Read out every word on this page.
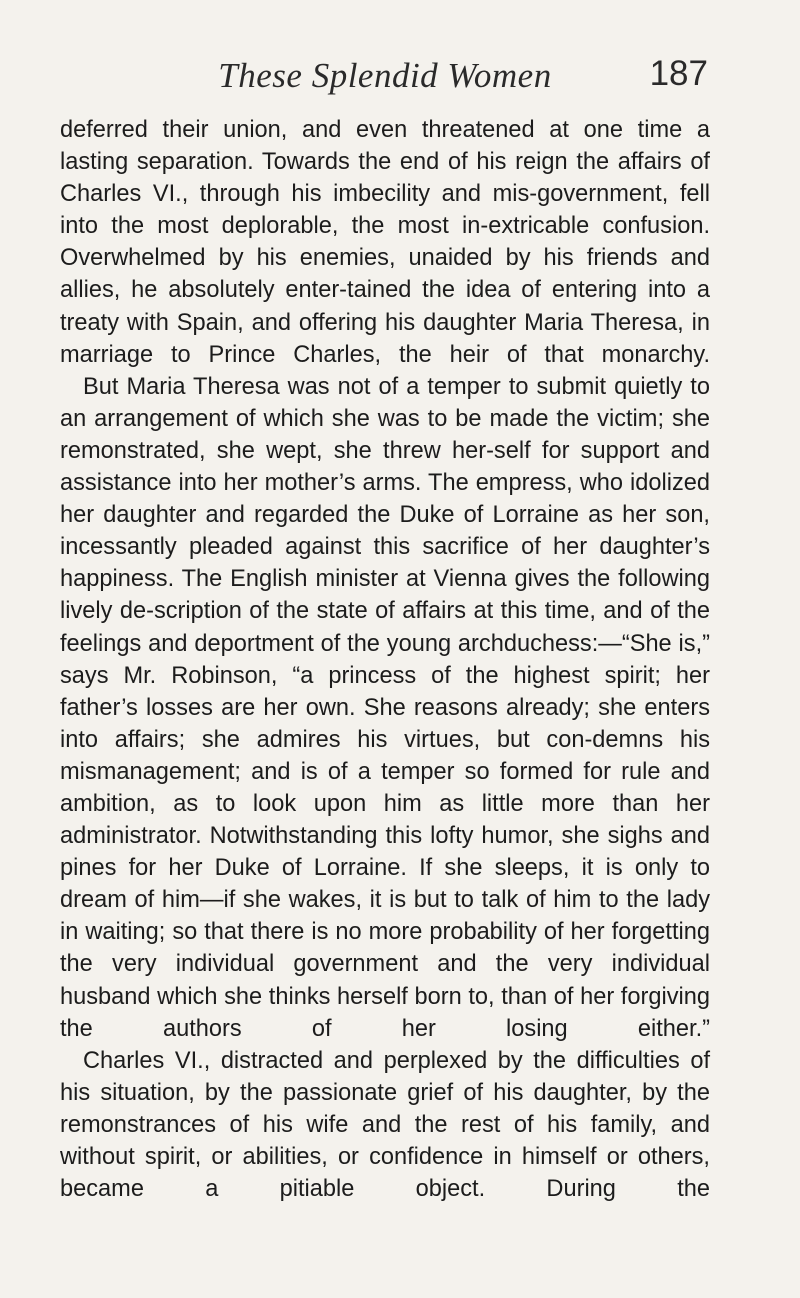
These Splendid Women	187

deferred their union, and even threatened at one time a lasting separation. Towards the end of his reign the affairs of Charles VI., through his imbecility and mis-government, fell into the most deplorable, the most in-extricable confusion. Overwhelmed by his enemies, unaided by his friends and allies, he absolutely enter-tained the idea of entering into a treaty with Spain, and offering his daughter Maria Theresa, in marriage to Prince Charles, the heir of that monarchy.

But Maria Theresa was not of a temper to submit quietly to an arrangement of which she was to be made the victim; she remonstrated, she wept, she threw her-self for support and assistance into her mother’s arms. The empress, who idolized her daughter and regarded the Duke of Lorraine as her son, incessantly pleaded against this sacrifice of her daughter’s happiness. The English minister at Vienna gives the following lively de-scription of the state of affairs at this time, and of the feelings and deportment of the young archduchess:—“She is,” says Mr. Robinson, “a princess of the highest spirit; her father’s losses are her own. She reasons already; she enters into affairs; she admires his virtues, but con-demns his mismanagement; and is of a temper so formed for rule and ambition, as to look upon him as little more than her administrator. Notwithstanding this lofty humor, she sighs and pines for her Duke of Lorraine. If she sleeps, it is only to dream of him—if she wakes, it is but to talk of him to the lady in waiting; so that there is no more probability of her forgetting the very individual government and the very individual husband which she thinks herself born to, than of her forgiving the authors of her losing either.”

Charles VI., distracted and perplexed by the difficulties of his situation, by the passionate grief of his daughter, by the remonstrances of his wife and the rest of his family, and without spirit, or abilities, or confidence in himself or others, became a pitiable object. During the
